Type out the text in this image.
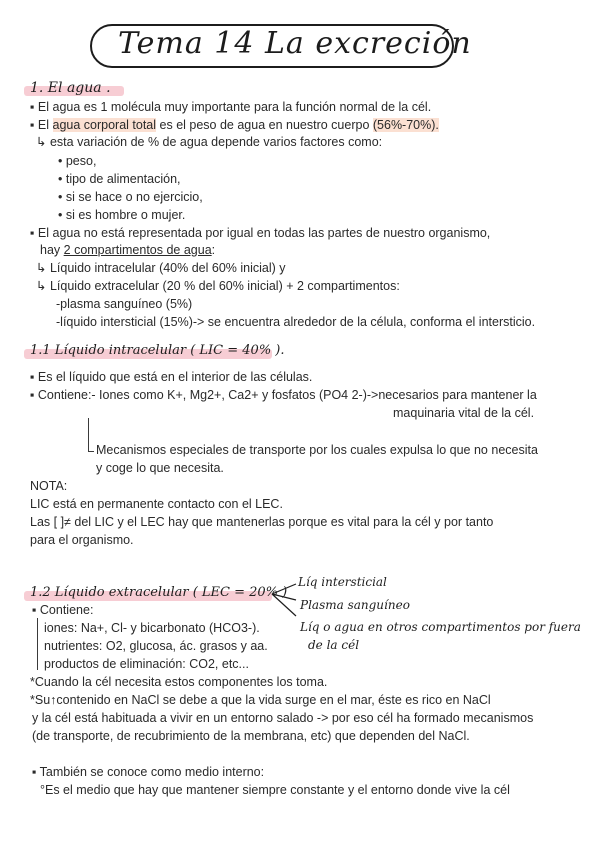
Tema 14 La excreción
1. El agua .
▪ El agua es 1 molécula muy importante para la función normal de la cél.
▪ El agua corporal total es el peso de agua en nuestro cuerpo (56%-70%).
↳ esta variación de % de agua depende varios factores como:
• peso,
• tipo de alimentación,
• si se hace o no ejercicio,
• si es hombre o mujer.
▪ El agua no está representada por igual en todas las partes de nuestro organismo,
hay 2 compartimentos de agua:
↳ Líquido intracelular (40% del 60% inicial) y
↳ Líquido extracelular (20 % del 60% inicial) + 2 compartimentos:
-plasma sanguíneo (5%)
-líquido intersticial (15%)-> se encuentra alrededor de la célula, conforma el intersticio.
1.1 Líquido intracelular ( LIC = 40% ).
▪ Es el líquido que está en el interior de las células.
▪ Contiene:- Iones como K+, Mg2+, Ca2+ y fosfatos (PO4 2-)->necesarios para mantener la
maquinaria vital de la cél.
Mecanismos especiales de transporte por los cuales expulsa lo que no necesita
y coge lo que necesita.
NOTA:
LIC está en permanente contacto con el LEC.
Las [ ]≠ del LIC y el LEC hay que mantenerlas porque es vital para la cél y por tanto
para el organismo.
1.2 Líquido extracelular ( LEC = 20% )
Líq intersticial
Plasma sanguíneo
Líq o agua en otros compartimentos por fuera
de la cél
▪ Contiene:
iones: Na+, Cl- y bicarbonato (HCO3-).
nutrientes: O2, glucosa, ác. grasos y aa.
productos de eliminación: CO2, etc...
*Cuando la cél necesita estos componentes los toma.
*Su↑contenido en NaCl se debe a que la vida surge en el mar, éste es rico en NaCl
y la cél está habituada a vivir en un entorno salado -> por eso cél ha formado mecanismos
(de transporte, de recubrimiento de la membrana, etc) que dependen del NaCl.
▪ También se conoce como medio interno:
°Es el medio que hay que mantener siempre constante y el entorno donde vive la cél
